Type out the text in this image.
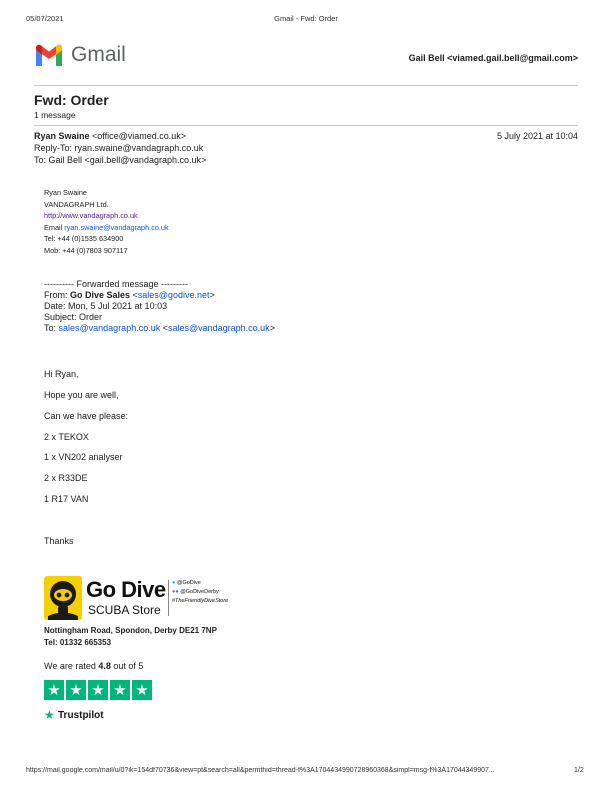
05/07/2021	Gmail - Fwd: Order
Gmail	Gail Bell <viamed.gail.bell@gmail.com>
Fwd: Order
1 message
Ryan Swaine <office@viamed.co.uk>	5 July 2021 at 10:04
Reply-To: ryan.swaine@vandagraph.co.uk
To: Gail Bell <gail.bell@vandagraph.co.uk>
Ryan Swaine
VANDAGRAPH Ltd.
http://www.vandagraph.co.uk
Email ryan.swaine@vandagraph.co.uk
Tel: +44 (0)1535 634900
Mob: +44 (0)7803 907117
---------- Forwarded message ---------
From: Go Dive Sales <sales@godive.net>
Date: Mon, 5 Jul 2021 at 10:03
Subject: Order
To: sales@vandagraph.co.uk <sales@vandagraph.co.uk>
Hi Ryan,
Hope you are well,
Can we have please:
2 x TEKOX
1 x VN202 analyser
2 x R33DE
1 R17 VAN
Thanks
Go Dive
SCUBA Store
● @GoDive
●● @GoDiveDerby
#TheFriendlyDiveStore
Nottingham Road, Spondon, Derby DE21 7NP
Tel: 01332 665353
We are rated 4.8 out of 5
★ ★ ★ ★ ★
★ Trustpilot
https://mail.google.com/mail/u/0?ik=154df70736&view=pt&search=all&permthid=thread-f%3A1704434990728960368&simpl=msg-f%3A17044349907...	1/2
